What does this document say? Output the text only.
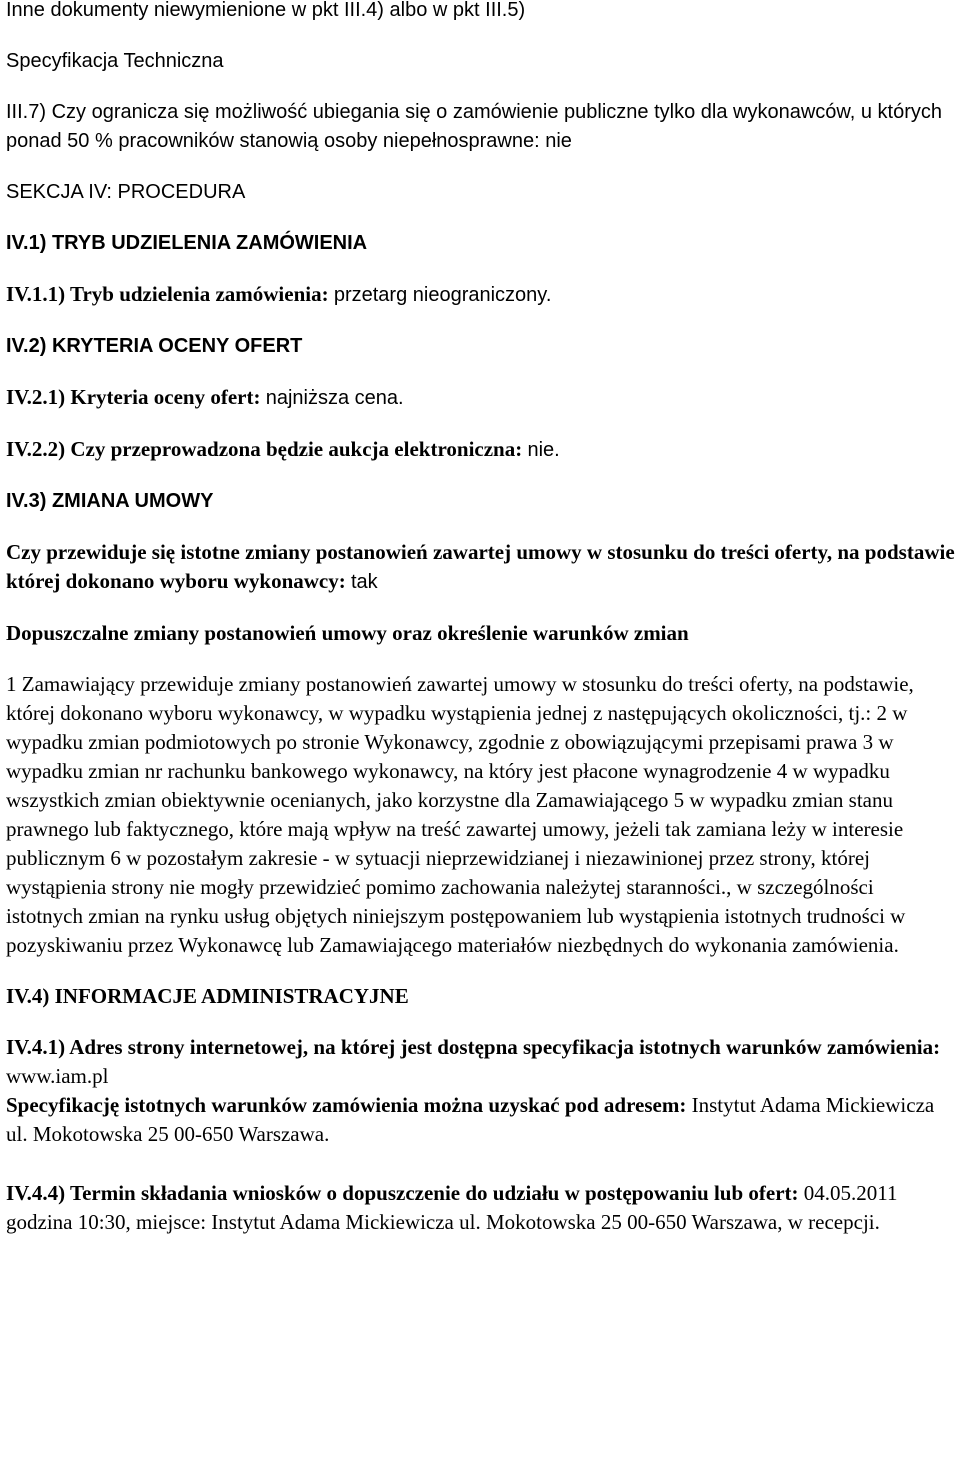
Inne dokumenty niewymienione w pkt III.4) albo w pkt III.5)

Specyfikacja Techniczna

III.7) Czy ogranicza się możliwość ubiegania się o zamówienie publiczne tylko dla wykonawców, u których ponad 50 % pracowników stanowią osoby niepełnosprawne: nie

SEKCJA IV: PROCEDURA

IV.1) TRYB UDZIELENIA ZAMÓWIENIA

IV.1.1) Tryb udzielenia zamówienia: przetarg nieograniczony.

IV.2) KRYTERIA OCENY OFERT

IV.2.1) Kryteria oceny ofert: najniższa cena.

IV.2.2) Czy przeprowadzona będzie aukcja elektroniczna: nie.

IV.3) ZMIANA UMOWY

Czy przewiduje się istotne zmiany postanowień zawartej umowy w stosunku do treści oferty, na podstawie której dokonano wyboru wykonawcy: tak

Dopuszczalne zmiany postanowień umowy oraz określenie warunków zmian

1 Zamawiający przewiduje zmiany postanowień zawartej umowy w stosunku do treści oferty, na podstawie, której dokonano wyboru wykonawcy, w wypadku wystąpienia jednej z następujących okoliczności, tj.: 2 w wypadku zmian podmiotowych po stronie Wykonawcy, zgodnie z obowiązującymi przepisami prawa 3 w wypadku zmian nr rachunku bankowego wykonawcy, na który jest płacone wynagrodzenie 4 w wypadku wszystkich zmian obiektywnie ocenianych, jako korzystne dla Zamawiającego 5 w wypadku zmian stanu prawnego lub faktycznego, które mają wpływ na treść zawartej umowy, jeżeli tak zamiana leży w interesie publicznym 6 w pozostałym zakresie - w sytuacji nieprzewidzianej i niezawinionej przez strony, której wystąpienia strony nie mogły przewidzieć pomimo zachowania należytej staranności., w szczególności istotnych zmian na rynku usług objętych niniejszym postępowaniem lub wystąpienia istotnych trudności w pozyskiwaniu przez Wykonawcę lub Zamawiającego materiałów niezbędnych do wykonania zamówienia.

IV.4) INFORMACJE ADMINISTRACYJNE

IV.4.1) Adres strony internetowej, na której jest dostępna specyfikacja istotnych warunków zamówienia: www.iam.pl

Specyfikację istotnych warunków zamówienia można uzyskać pod adresem: Instytut Adama Mickiewicza ul. Mokotowska 25 00-650 Warszawa.

IV.4.4) Termin składania wniosków o dopuszczenie do udziału w postępowaniu lub ofert: 04.05.2011 godzina 10:30, miejsce: Instytut Adama Mickiewicza ul. Mokotowska 25 00-650 Warszawa, w recepcji.
